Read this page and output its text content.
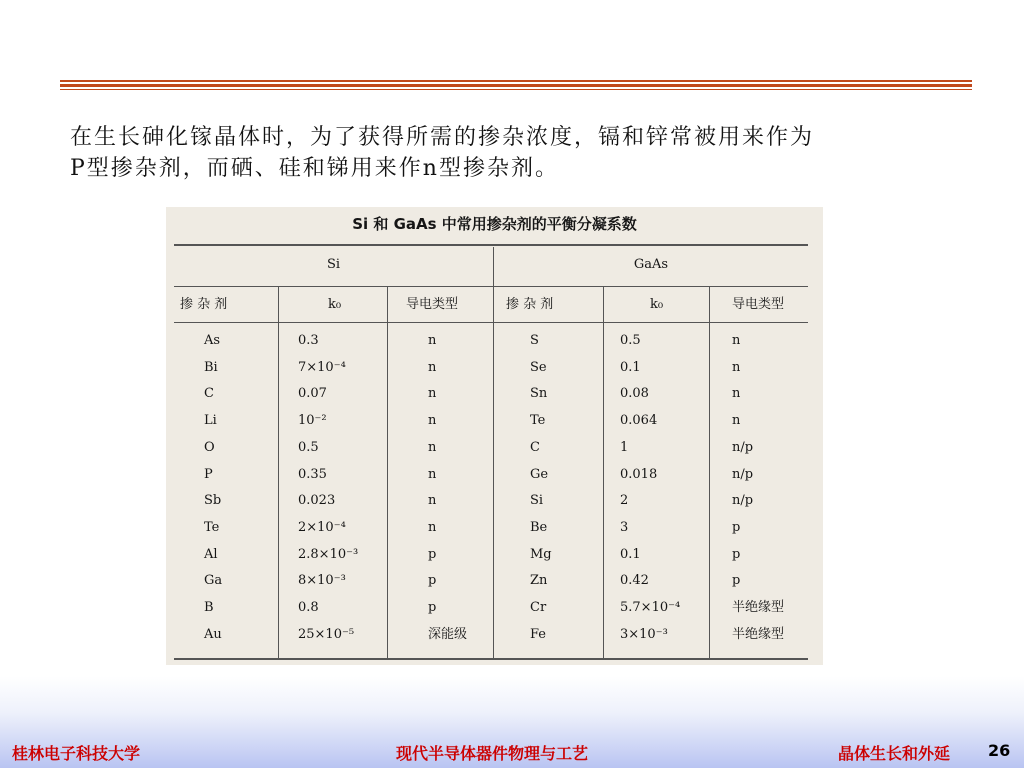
在生长砷化镓晶体时，为了获得所需的掺杂浓度，镉和锌常被用来作为
P型掺杂剂，而硒、硅和锑用来作n型掺杂剂。
Si 和 GaAs 中常用掺杂剂的平衡分凝系数
Si	GaAs
掺 杂 剂	k₀	导电类型	掺 杂 剂	k₀	导电类型
As	0.3	n	S	0.5	n
Bi	7×10⁻⁴	n	Se	0.1	n
C	0.07	n	Sn	0.08	n
Li	10⁻²	n	Te	0.064	n
O	0.5	n	C	1	n/p
P	0.35	n	Ge	0.018	n/p
Sb	0.023	n	Si	2	n/p
Te	2×10⁻⁴	n	Be	3	p
Al	2.8×10⁻³	p	Mg	0.1	p
Ga	8×10⁻³	p	Zn	0.42	p
B	0.8	p	Cr	5.7×10⁻⁴	半绝缘型
Au	25×10⁻⁵	深能级	Fe	3×10⁻³	半绝缘型
桂林电子科技大学	现代半导体器件物理与工艺	晶体生长和外延 26
